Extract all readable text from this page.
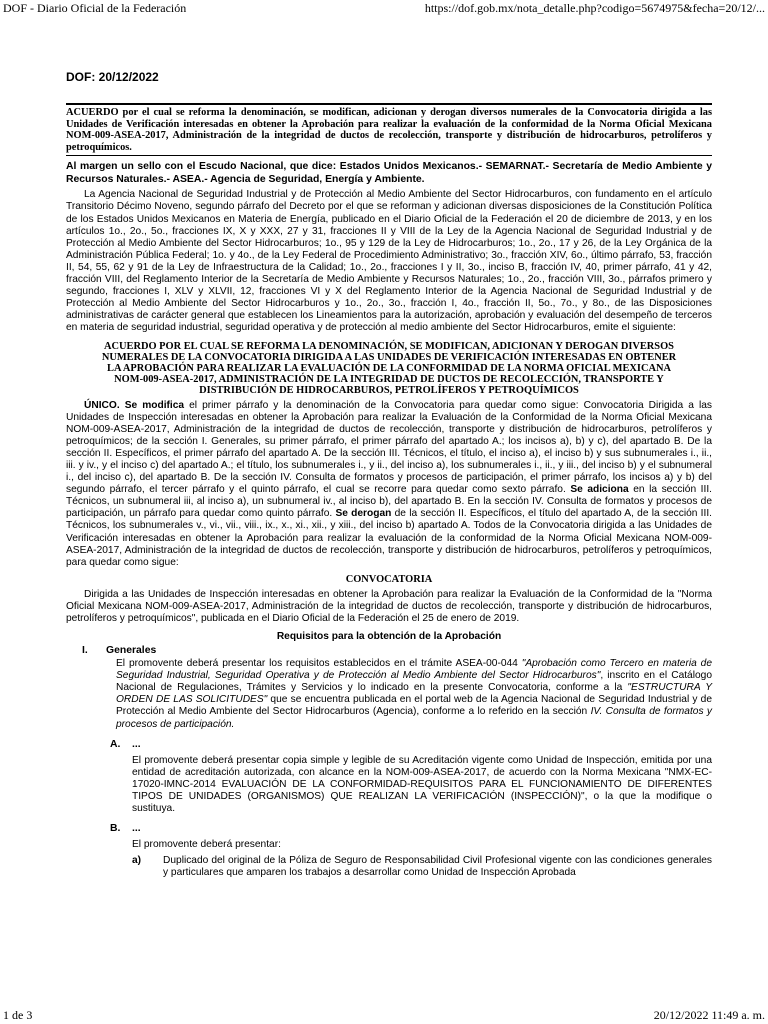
DOF - Diario Oficial de la Federación	https://dof.gob.mx/nota_detalle.php?codigo=5674975&fecha=20/12/...
DOF: 20/12/2022
ACUERDO por el cual se reforma la denominación, se modifican, adicionan y derogan diversos numerales de la Convocatoria dirigida a las Unidades de Verificación interesadas en obtener la Aprobación para realizar la evaluación de la conformidad de la Norma Oficial Mexicana NOM-009-ASEA-2017, Administración de la integridad de ductos de recolección, transporte y distribución de hidrocarburos, petrolíferos y petroquímicos.
Al margen un sello con el Escudo Nacional, que dice: Estados Unidos Mexicanos.- SEMARNAT.- Secretaría de Medio Ambiente y Recursos Naturales.- ASEA.- Agencia de Seguridad, Energía y Ambiente.

La Agencia Nacional de Seguridad Industrial y de Protección al Medio Ambiente del Sector Hidrocarburos, con fundamento en el artículo Transitorio Décimo Noveno, segundo párrafo del Decreto por el que se reforman y adicionan diversas disposiciones de la Constitución Política de los Estados Unidos Mexicanos en Materia de Energía, publicado en el Diario Oficial de la Federación el 20 de diciembre de 2013, y en los artículos 1o., 2o., 5o., fracciones IX, X y XXX, 27 y 31, fracciones II y VIII de la Ley de la Agencia Nacional de Seguridad Industrial y de Protección al Medio Ambiente del Sector Hidrocarburos; 1o., 95 y 129 de la Ley de Hidrocarburos; 1o., 2o., 17 y 26, de la Ley Orgánica de la Administración Pública Federal; 1o. y 4o., de la Ley Federal de Procedimiento Administrativo; 3o., fracción XIV, 6o., último párrafo, 53, fracción II, 54, 55, 62 y 91 de la Ley de Infraestructura de la Calidad; 1o., 2o., fracciones I y II, 3o., inciso B, fracción IV, 40, primer párrafo, 41 y 42, fracción VIII, del Reglamento Interior de la Secretaría de Medio Ambiente y Recursos Naturales; 1o., 2o., fracción VIII, 3o., párrafos primero y segundo, fracciones I, XLV y XLVII, 12, fracciones VI y X del Reglamento Interior de la Agencia Nacional de Seguridad Industrial y de Protección al Medio Ambiente del Sector Hidrocarburos y 1o., 2o., 3o., fracción I, 4o., fracción II, 5o., 7o., y 8o., de las Disposiciones administrativas de carácter general que establecen los Lineamientos para la autorización, aprobación y evaluación del desempeño de terceros en materia de seguridad industrial, seguridad operativa y de protección al medio ambiente del Sector Hidrocarburos, emite el siguiente:

ACUERDO POR EL CUAL SE REFORMA LA DENOMINACIÓN, SE MODIFICAN, ADICIONAN Y DEROGAN DIVERSOS NUMERALES DE LA CONVOCATORIA DIRIGIDA A LAS UNIDADES DE VERIFICACIÓN INTERESADAS EN OBTENER LA APROBACIÓN PARA REALIZAR LA EVALUACIÓN DE LA CONFORMIDAD DE LA NORMA OFICIAL MEXICANA NOM-009-ASEA-2017, ADMINISTRACIÓN DE LA INTEGRIDAD DE DUCTOS DE RECOLECCIÓN, TRANSPORTE Y DISTRIBUCIÓN DE HIDROCARBUROS, PETROLÍFEROS Y PETROQUÍMICOS

ÚNICO. Se modifica el primer párrafo y la denominación de la Convocatoria para quedar como sigue: Convocatoria Dirigida a las Unidades de Inspección interesadas en obtener la Aprobación para realizar la Evaluación de la Conformidad de la Norma Oficial Mexicana NOM-009-ASEA-2017, Administración de la integridad de ductos de recolección, transporte y distribución de hidrocarburos, petrolíferos y petroquímicos; de la sección I. Generales, su primer párrafo, el primer párrafo del apartado A.; los incisos a), b) y c), del apartado B. De la sección II. Específicos, el primer párrafo del apartado A. De la sección III. Técnicos, el título, el inciso a), el inciso b) y sus subnumerales i., ii., iii. y iv., y el inciso c) del apartado A.; el título, los subnumerales i., y ii., del inciso a), los subnumerales i., ii., y iii., del inciso b) y el subnumeral i., del inciso c), del apartado B. De la sección IV. Consulta de formatos y procesos de participación, el primer párrafo, los incisos a) y b) del segundo párrafo, el tercer párrafo y el quinto párrafo, el cual se recorre para quedar como sexto párrafo. Se adiciona en la sección III. Técnicos, un subnumeral iii, al inciso a), un subnumeral iv., al inciso b), del apartado B. En la sección IV. Consulta de formatos y procesos de participación, un párrafo para quedar como quinto párrafo. Se derogan de la sección II. Específicos, el título del apartado A, de la sección III. Técnicos, los subnumerales v., vi., vii., viii., ix., x., xi., xii., y xiii., del inciso b) apartado A. Todos de la Convocatoria dirigida a las Unidades de Verificación interesadas en obtener la Aprobación para realizar la evaluación de la conformidad de la Norma Oficial Mexicana NOM-009-ASEA-2017, Administración de la integridad de ductos de recolección, transporte y distribución de hidrocarburos, petrolíferos y petroquímicos, para quedar como sigue:

CONVOCATORIA

Dirigida a las Unidades de Inspección interesadas en obtener la Aprobación para realizar la Evaluación de la Conformidad de la "Norma Oficial Mexicana NOM-009-ASEA-2017, Administración de la integridad de ductos de recolección, transporte y distribución de hidrocarburos, petrolíferos y petroquímicos", publicada en el Diario Oficial de la Federación el 25 de enero de 2019.

Requisitos para la obtención de la Aprobación
I.	Generales

El promovente deberá presentar los requisitos establecidos en el trámite ASEA-00-044 "Aprobación como Tercero en materia de Seguridad Industrial, Seguridad Operativa y de Protección al Medio Ambiente del Sector Hidrocarburos", inscrito en el Catálogo Nacional de Regulaciones, Trámites y Servicios y lo indicado en la presente Convocatoria, conforme a la "ESTRUCTURA Y ORDEN DE LAS SOLICITUDES" que se encuentra publicada en el portal web de la Agencia Nacional de Seguridad Industrial y de Protección al Medio Ambiente del Sector Hidrocarburos (Agencia), conforme a lo referido en la sección IV. Consulta de formatos y procesos de participación.

A.	...

El promovente deberá presentar copia simple y legible de su Acreditación vigente como Unidad de Inspección, emitida por una entidad de acreditación autorizada, con alcance en la NOM-009-ASEA-2017, de acuerdo con la Norma Mexicana "NMX-EC-17020-IMNC-2014 EVALUACIÓN DE LA CONFORMIDAD-REQUISITOS PARA EL FUNCIONAMIENTO DE DIFERENTES TIPOS DE UNIDADES (ORGANISMOS) QUE REALIZAN LA VERIFICACIÓN (INSPECCIÓN)", o la que la modifique o sustituya.

B.	...

El promovente deberá presentar:

a)	Duplicado del original de la Póliza de Seguro de Responsabilidad Civil Profesional vigente con las condiciones generales y particulares que amparen los trabajos a desarrollar como Unidad de Inspección Aprobada
1 de 3	20/12/2022 11:49 a. m.
